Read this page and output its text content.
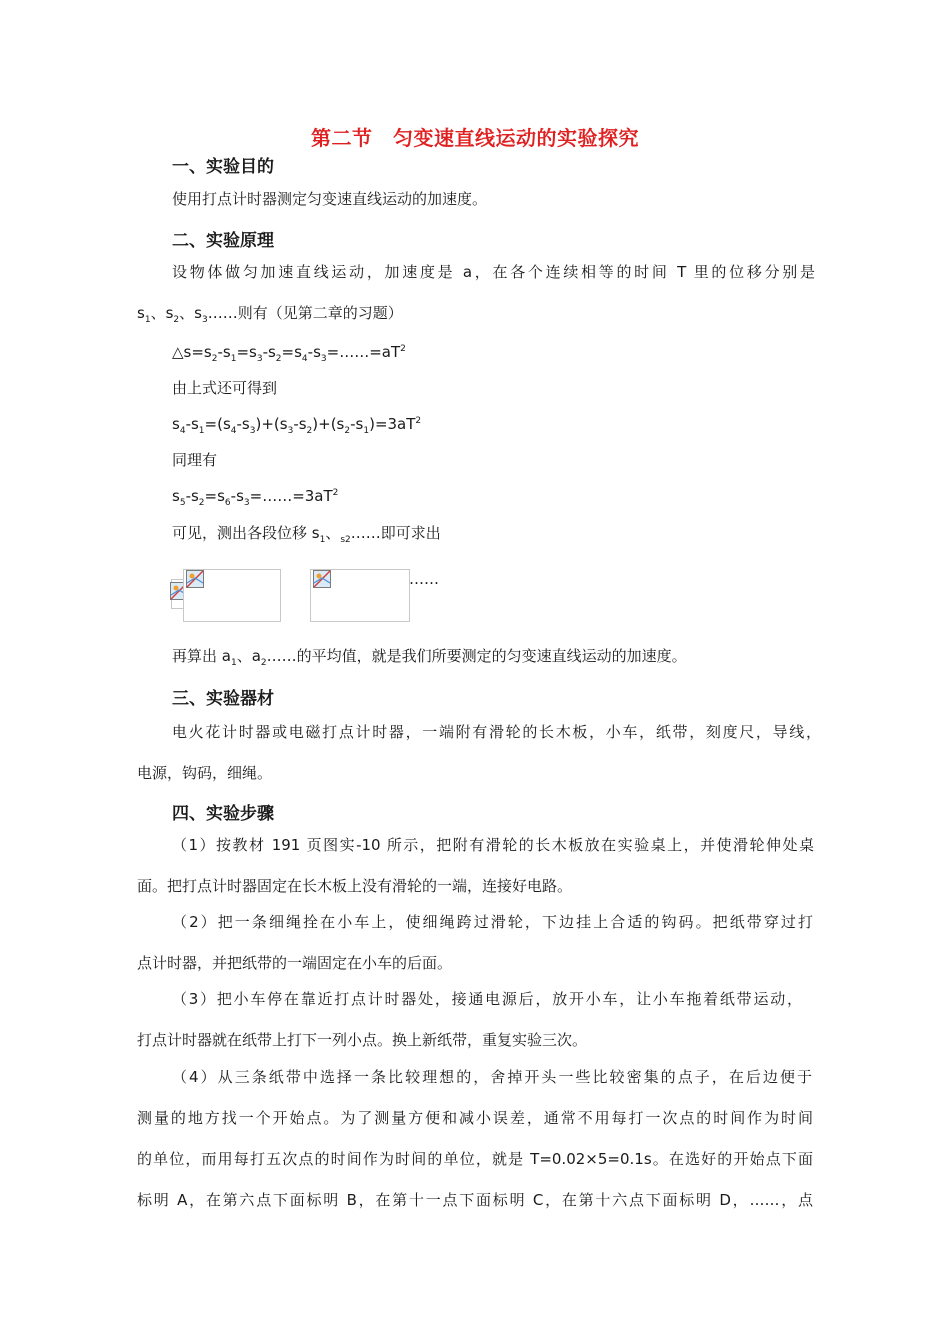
第二节　匀变速直线运动的实验探究
一、实验目的
使用打点计时器测定匀变速直线运动的加速度。
二、实验原理
设物体做匀加速直线运动，加速度是 a，在各个连续相等的时间 T 里的位移分别是
$s_1$、$s_2$、$s_3\dots\dots$则有（见第二章的习题）
$\triangle s=s_2-s_1=s_3-s_2=s_4-s_3=\dots\dots=aT^2$
由上式还可得到
$s_4-s_1=(s_4-s_3)+(s_3-s_2)+(s_2-s_1)=3aT^2$
同理有
$s_5-s_2=s_6-s_3=\dots\dots=3aT^2$
可见，测出各段位移 $s_1$、$_{s2}$……即可求出
……
再算出 $a_1$、$a_2\dots\dots$的平均值，就是我们所要测定的匀变速直线运动的加速度。
三、实验器材
电火花计时器或电磁打点计时器，一端附有滑轮的长木板，小车，纸带，刻度尺，导线，
电源，钩码，细绳。
四、实验步骤
（1）按教材 191 页图实-10 所示，把附有滑轮的长木板放在实验桌上，并使滑轮伸处桌
面。把打点计时器固定在长木板上没有滑轮的一端，连接好电路。
（2）把一条细绳拴在小车上，使细绳跨过滑轮，下边挂上合适的钩码。把纸带穿过打
点计时器，并把纸带的一端固定在小车的后面。
（3）把小车停在靠近打点计时器处，接通电源后，放开小车，让小车拖着纸带运动，
打点计时器就在纸带上打下一列小点。换上新纸带，重复实验三次。
（4）从三条纸带中选择一条比较理想的，舍掉开头一些比较密集的点子，在后边便于
测量的地方找一个开始点。为了测量方便和减小误差，通常不用每打一次点的时间作为时间
的单位，而用每打五次点的时间作为时间的单位，就是 T=0.02×5=0.1s。在选好的开始点下面
标明 A，在第六点下面标明 B，在第十一点下面标明 C，在第十六点下面标明 D，……，点
